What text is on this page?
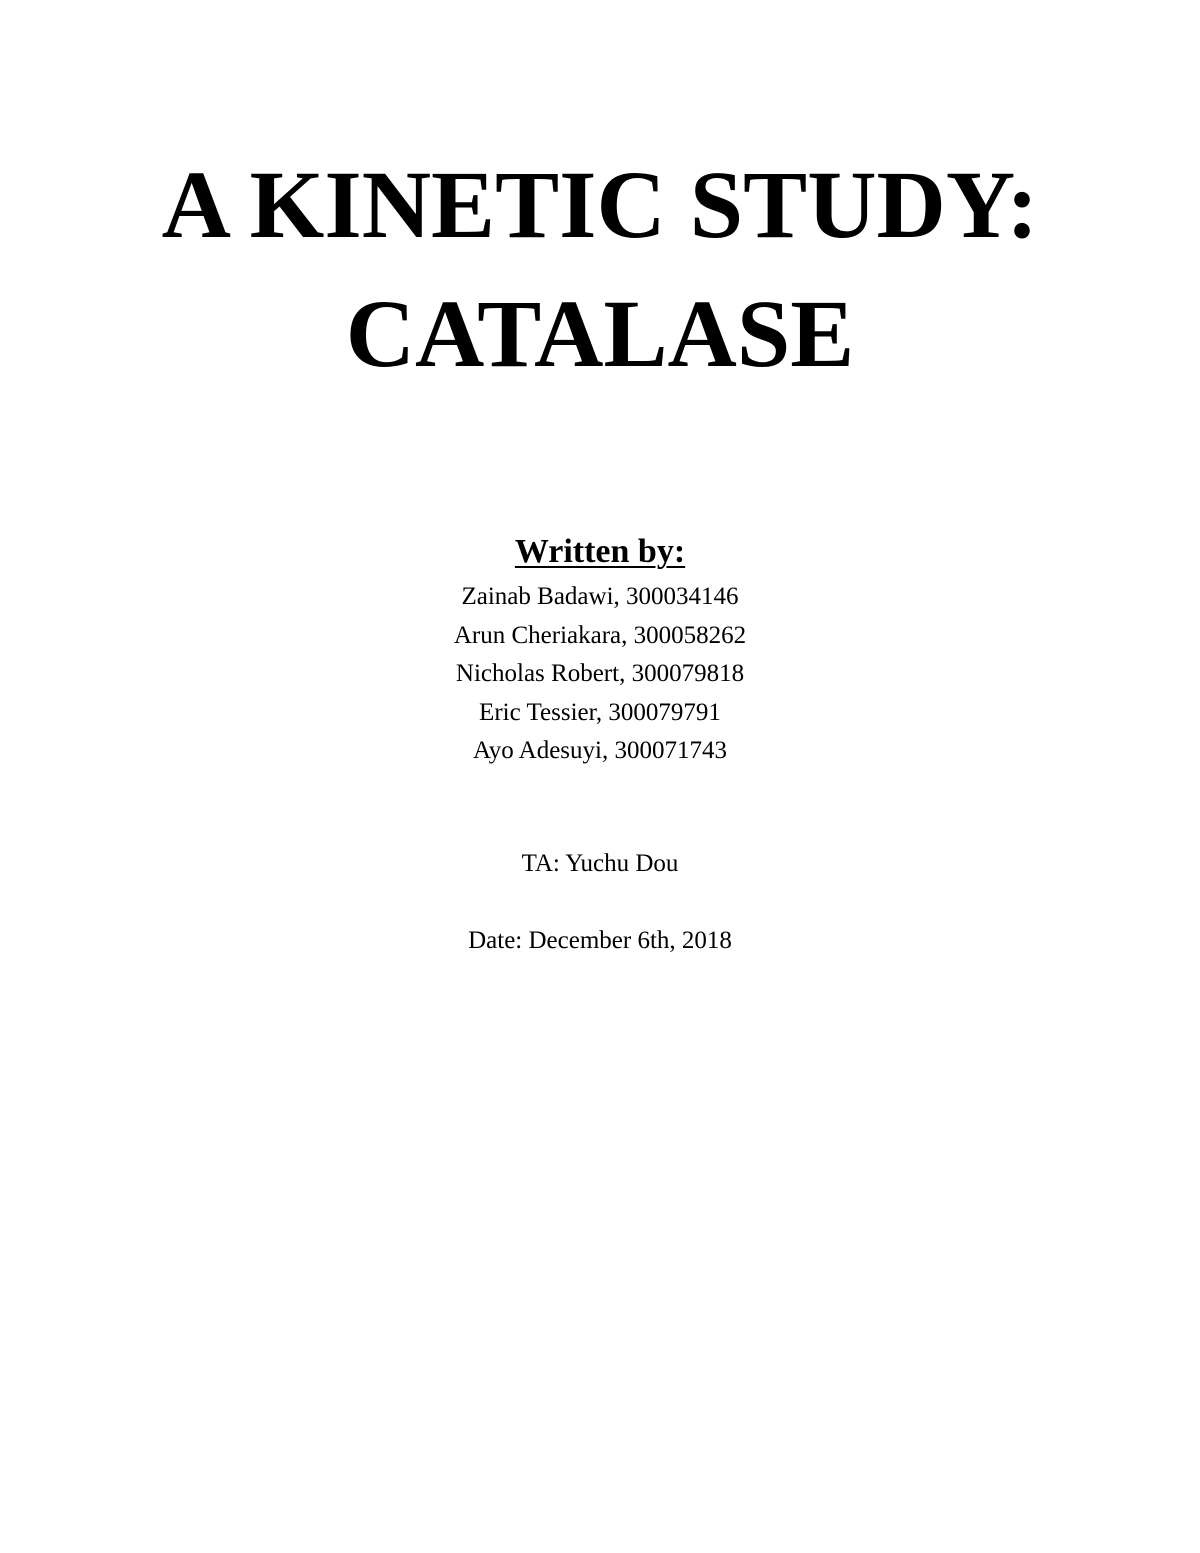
A KINETIC STUDY:
CATALASE
Written by:
Zainab Badawi, 300034146
Arun Cheriakara, 300058262
Nicholas Robert, 300079818
Eric Tessier, 300079791
Ayo Adesuyi, 300071743
TA: Yuchu Dou
Date: December 6th, 2018
